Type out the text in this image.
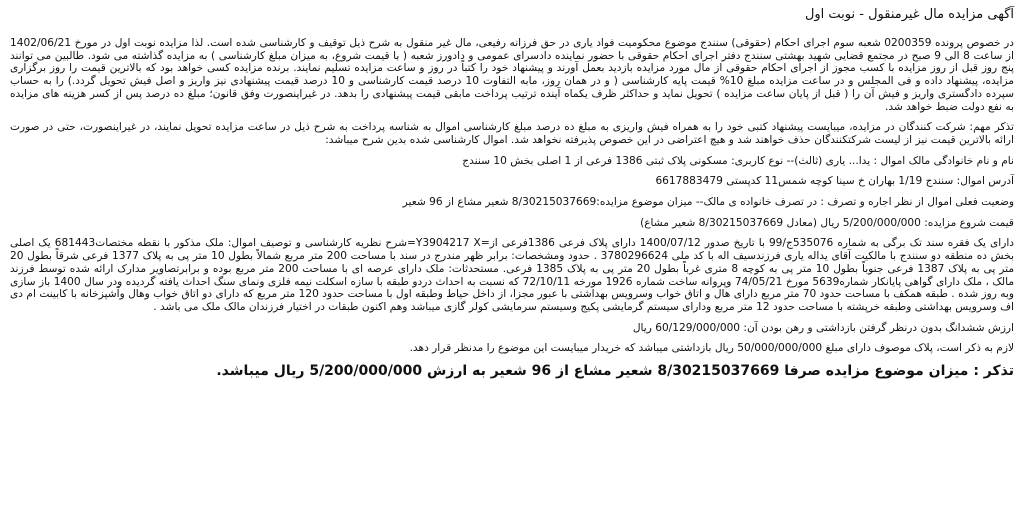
آگهی مزایده مال غیرمنقول - نوبت اول

در خصوص پرونده 0200359 شعبه سوم اجرای احکام (حقوقی) سنندج موضوع محکومیت فواد یاری در حق فرزانه رفیعی، مال غیر منقول به شرح ذیل توقیف و کارشناسی شده است. لذا مزایده نوبت اول در مورخ 1402/06/21 از ساعت 8 الی 9 صبح در مجتمع قضایی شهید بهشتی سنندج دفتر اجرای احکام حقوقی با حضور نماینده دادسرای عمومی و دادورز شعبه ( با قیمت شروع، به میزان مبلغ کارشناسی ) به مزایده گذاشته می شود. طالبین می توانند پنج روز قبل از روز مزایده با کسب مجوز از اجرای احکام حقوقی از مال مورد مزایده بازدید بعمل آورند و پیشنهاد خود را کتباً در روز و ساعت مزایده تسلیم نمایند. برنده مزایده کسی خواهد بود که بالاترین قیمت را روز برگزاری مزایده، پیشنهاد داده و فی المجلس و در ساعت مزایده مبلغ 10% قیمت پایه کارشناسی ( و در همان روز، مابه التفاوت 10 درصد قیمت کارشناسی و 10 درصد قیمت پیشنهادی نیز واریز و اصل فیش تحویل گردد.) را به حساب سپرده دادگستری واریز و فیش آن را ( قبل از پایان ساعت مزایده ) تحویل نماید و حداکثر ظرف یکماه آینده ترتیب پرداخت مابقی قیمت پیشنهادی را بدهد. در غیراینصورت وفق قانون؛ مبلغ ده درصد پس از کسر هزینه های مزایده به نفع دولت ضبط خواهد شد.

تذکر مهم: شرکت کنندگان در مزایده، میبایست پیشنهاد کتبی خود را به همراه فیش واریزی به مبلغ ده درصد مبلغ کارشناسی اموال به شناسه پرداخت به شرح ذیل در ساعت مزایده تحویل نمایند، در غیراینصورت، حتی در صورت ارائه بالاترین قیمت نیز از لیست شرکتکنندگان حذف خواهند شد و هیچ اعتراضی در این خصوص پذیرفته نخواهد شد. اموال کارشناسی شده بدین شرح میباشد:

نام و نام خانوادگی مالک اموال : یدا... یاری (ثالث)-- نوع کاربری: مسکونی پلاک ثبتی 1386 فرعی از 1 اصلی بخش 10 سنندج

آدرس اموال: سنندج 1/19 بهاران خ سینا کوچه شمس11 کدپستی 6617883479

وضعیت فعلی اموال از نظر اجاره و تصرف : در تصرف خانواده ی مالک-- میزان موضوع مزایده:8/30215037669 شعیر مشاع از 96 شعیر

قیمت شروع مزایده: 5/200/000/000 ریال (معادل 8/30215037669 شعیر مشاع)

دارای یک فقره سند تک برگی به شماره 535076ج/99 با تاریخ صدور 1400/07/12 دارای پلاک فرعی 1386فرعی از=Y3904217 X=شرح نظریه کارشناسی و توصیف اموال: ملک مذکور با نقطه مختصات681443 یک اصلی بخش ده منطقه دو سنندج با مالکیت آقای یداله یاری فرزندسیف اله با کد ملی 3780296624 . حدود ومشخصات: برابر ظهر مندرج در سند با مساحت 200 متر مربع شمالاً بطول 10 متر پی به پلاک 1377 فرعی شرقاً بطول 20 متر پی به پلاک 1387 فرعی جنوباً بطول 10 متر پی به کوچه 8 متری غرباً بطول 20 متر پی به پلاک 1385 فرعی. مستحدثات: ملک دارای عرصه ای با مساحت 200 متر مربع بوده و برابرتصاویر مدارک ارائه شده توسط فرزند مالک ، ملک دارای گواهی پایانکار شماره5639 مورخ 74/05/21 وپروانه ساخت شماره 1926 مورخه 72/10/11 که نسبت به احداث دردو طبقه با سازه اسکلت نیمه فلزی ونمای سنگ احداث یافته گردیده ودر سال 1400 باز سازی وبه روز شده . طبقه همکف با مساحت حدود 70 متر مربع دارای هال و اتاق خواب وسرویس بهداشتی با عبور مجزا، از داخل حیاط وطبقه اول با مساحت حدود 120 متر مربع که دارای دو اتاق خواب وهال وآشپزخانه با کابینت ام دی اف وسرویس بهداشتی وطبقه خرپشته با مساحت حدود 12 متر مربع ودارای سیستم گرمایشی پکیج وسیستم سرمایشی کولر گازی میباشد وهم اکنون طبقات در اختیار فرزندان مالک ملک می باشد .

ارزش ششدانگ بدون درنظر گرفتن بازداشتی و رهن بودن آن: 60/129/000/000 ریال

لازم به ذکر است، پلاک موصوف دارای مبلغ 50/000/000/000 ریال بازداشتی میباشد که خریدار میبایست این موضوع را مدنظر قرار دهد.

تذکر : میزان موضوع مزایده صرفا 8/30215037669 شعیر مشاع از 96 شعیر به ارزش 5/200/000/000 ریال میباشد.
